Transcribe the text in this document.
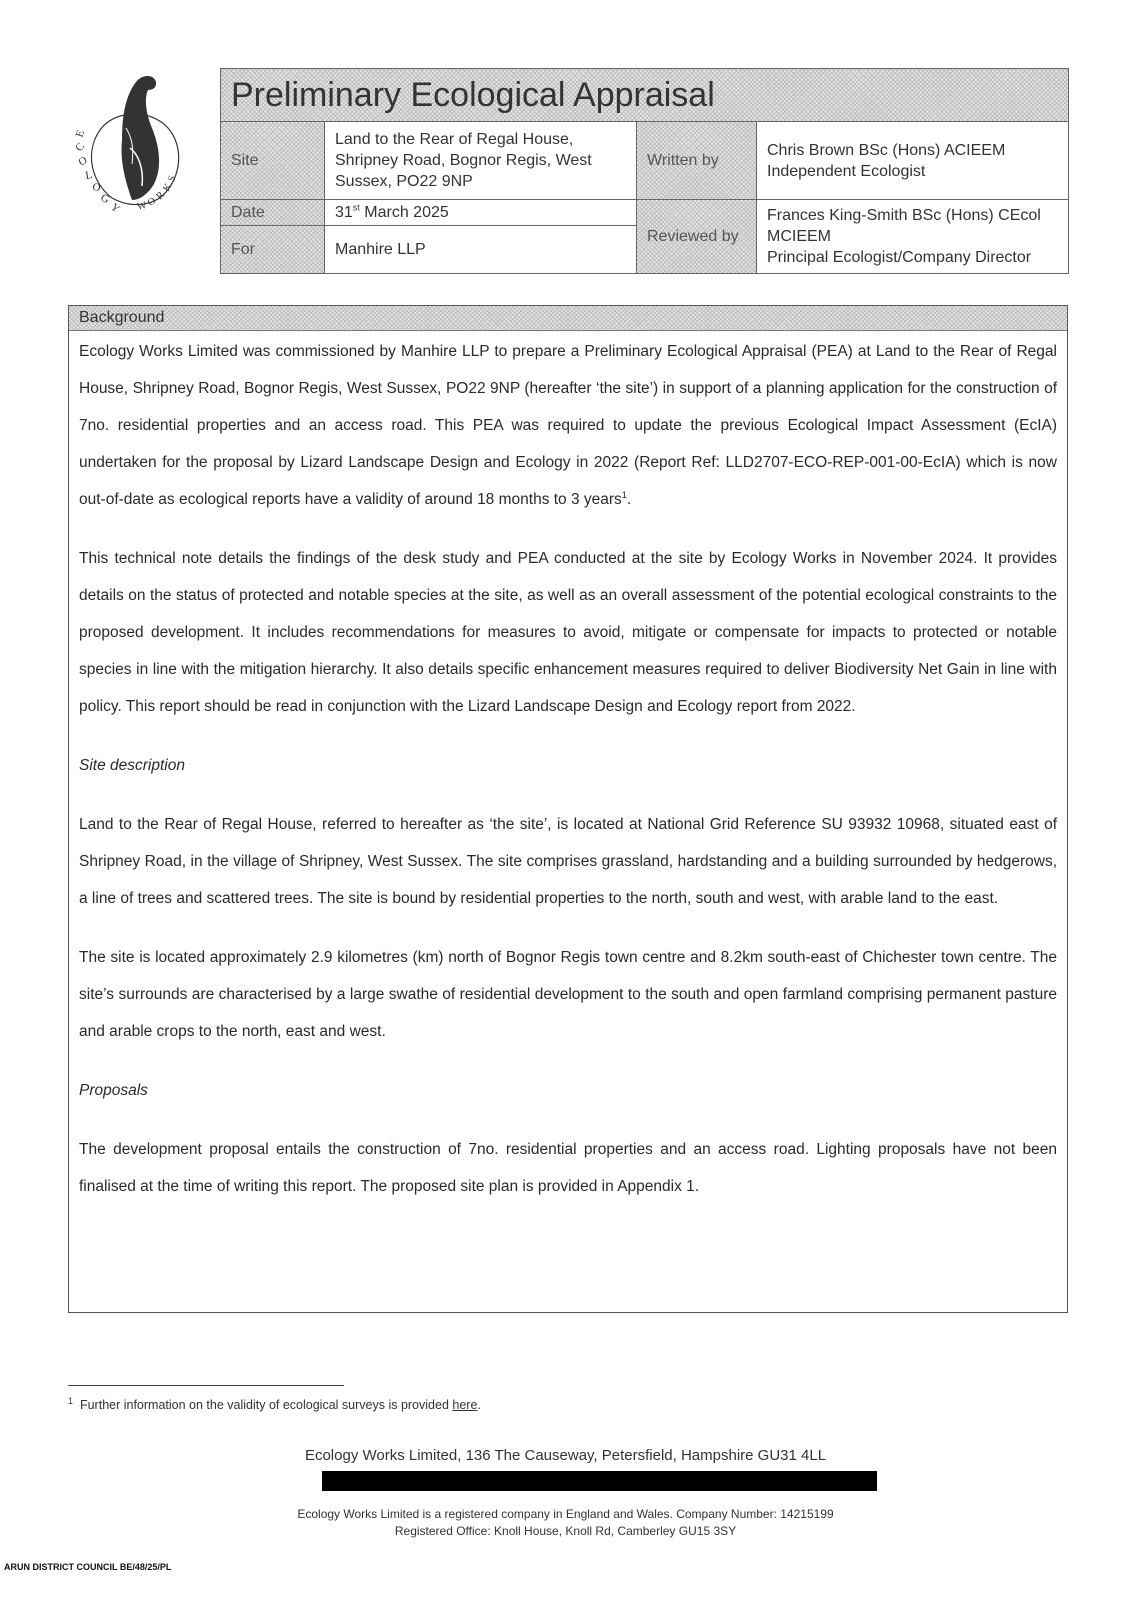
E
C
O
L
O
G
Y W
O
R
K
S
Preliminary Ecological Appraisal			
Site	Land to the Rear of Regal House, Shripney Road, Bognor Regis, West Sussex, PO22 9NP	Written by	Chris Brown BSc (Hons) ACIEEM
Independent Ecologist

Date	31st March 2025	Reviewed by	Frances King-Smith BSc (Hons) CEcol MCIEEM
Principal Ecologist/Company Director

For	Manhire LLP		
Background

Ecology Works Limited was commissioned by Manhire LLP to prepare a Preliminary Ecological Appraisal (PEA) at Land to the Rear of Regal House, Shripney Road, Bognor Regis, West Sussex, PO22 9NP (hereafter ‘the site’) in support of a planning application for the construction of 7no. residential properties and an access road. This PEA was required to update the previous Ecological Impact Assessment (EcIA) undertaken for the proposal by Lizard Landscape Design and Ecology in 2022 (Report Ref: LLD2707-ECO-REP-001-00-EcIA) which is now out-of-date as ecological reports have a validity of around 18 months to 3 years$^1$.

This technical note details the findings of the desk study and PEA conducted at the site by Ecology Works in November 2024. It provides details on the status of protected and notable species at the site, as well as an overall assessment of the potential ecological constraints to the proposed development. It includes recommendations for measures to avoid, mitigate or compensate for impacts to protected or notable species in line with the mitigation hierarchy. It also details specific enhancement measures required to deliver Biodiversity Net Gain in line with policy. This report should be read in conjunction with the Lizard Landscape Design and Ecology report from 2022.

Site description

Land to the Rear of Regal House, referred to hereafter as ‘the site’, is located at National Grid Reference SU 93932 10968, situated east of Shripney Road, in the village of Shripney, West Sussex. The site comprises grassland, hardstanding and a building surrounded by hedgerows, a line of trees and scattered trees. The site is bound by residential properties to the north, south and west, with arable land to the east.

The site is located approximately 2.9 kilometres (km) north of Bognor Regis town centre and 8.2km south-east of Chichester town centre. The site’s surrounds are characterised by a large swathe of residential development to the south and open farmland comprising permanent pasture and arable crops to the north, east and west.

Proposals

The development proposal entails the construction of 7no. residential properties and an access road. Lighting proposals have not been finalised at the time of writing this report. The proposed site plan is provided in Appendix 1.

$^1$ Further information on the validity of ecological surveys is provided here.
Ecology Works Limited, 136 The Causeway, Petersfield, Hampshire GU31 4LL
Ecology Works Limited is a registered company in England and Wales. Company Number: 14215199
Registered Office: Knoll House, Knoll Rd, Camberley GU15 3SY
ARUN DISTRICT COUNCIL BE/48/25/PL
